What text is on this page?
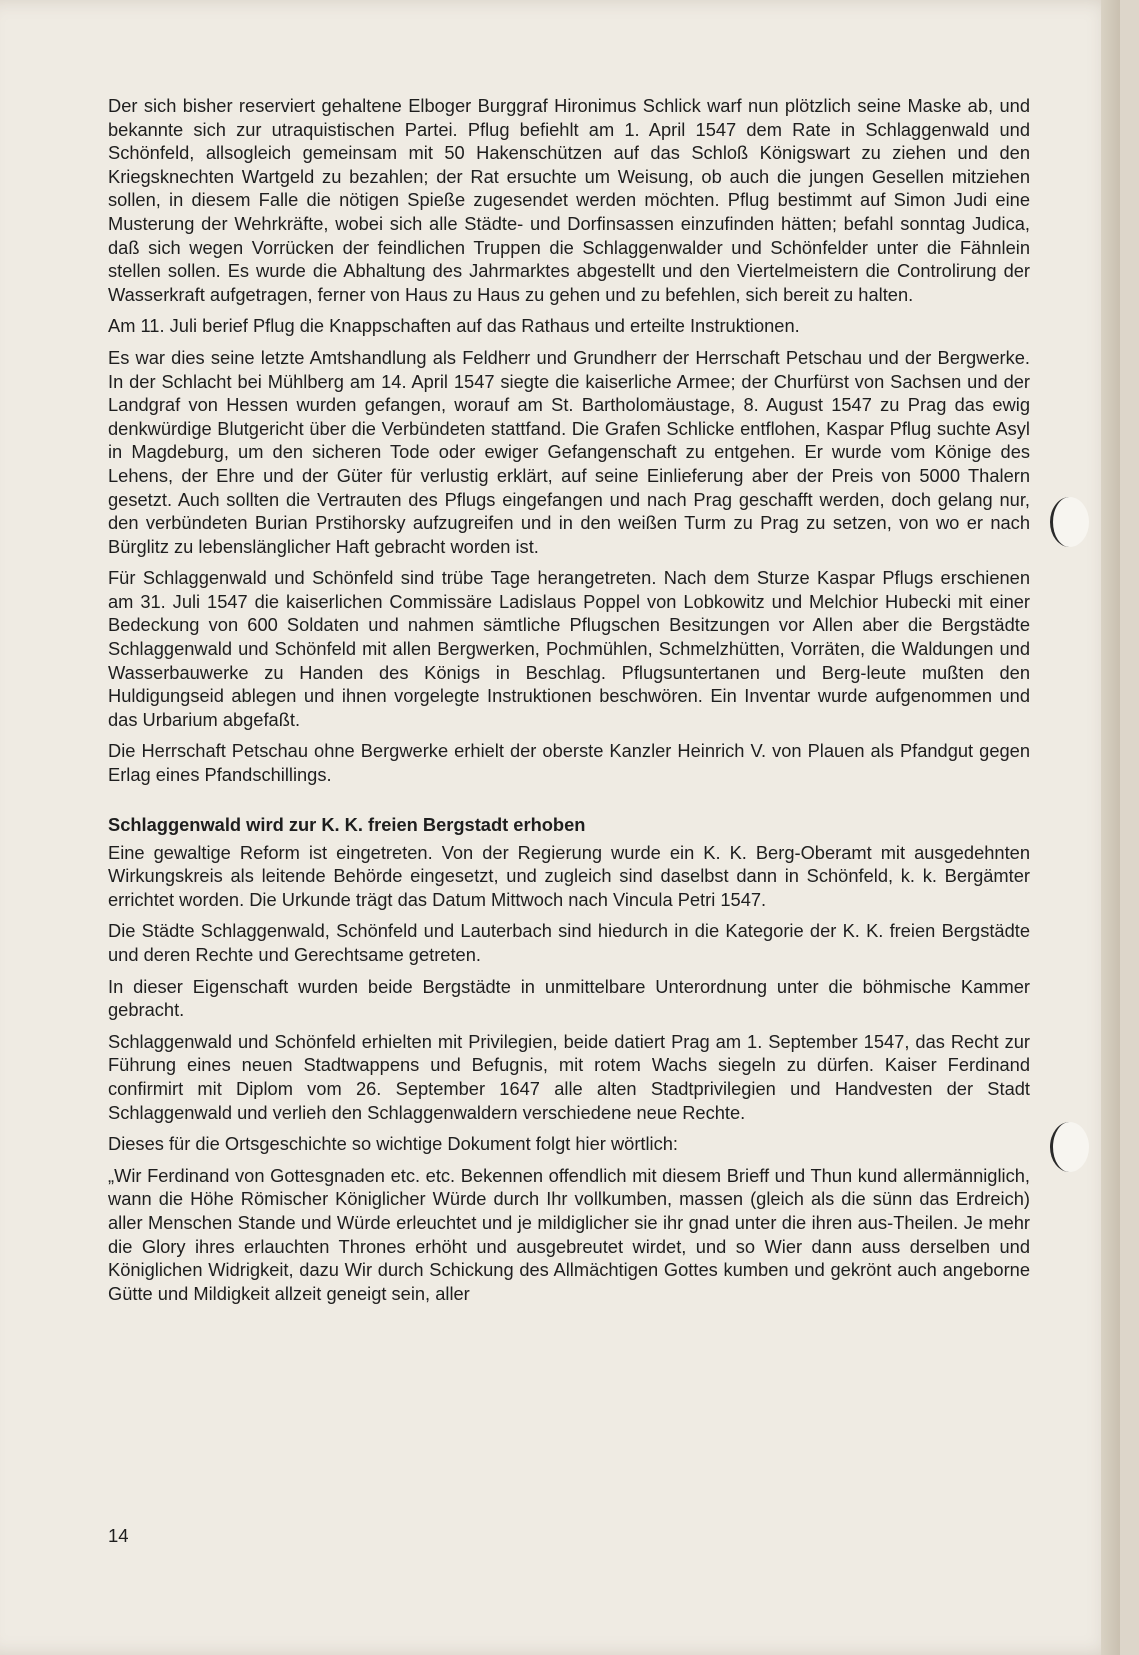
Der sich bisher reserviert gehaltene Elboger Burggraf Hironimus Schlick warf nun plötzlich seine Maske ab, und bekannte sich zur utraquistischen Partei. Pflug befiehlt am 1. April 1547 dem Rate in Schlaggenwald und Schönfeld, allsogleich gemeinsam mit 50 Hakenschützen auf das Schloß Königswart zu ziehen und den Kriegsknechten Wartgeld zu bezahlen; der Rat ersuchte um Weisung, ob auch die jungen Gesellen mitziehen sollen, in diesem Falle die nötigen Spieße zugesendet werden möchten. Pflug bestimmt auf Simon Judi eine Musterung der Wehrkräfte, wobei sich alle Städte- und Dorfinsassen einzufinden hätten; befahl sonntag Judica, daß sich wegen Vorrücken der feindlichen Truppen die Schlaggenwalder und Schönfelder unter die Fähnlein stellen sollen. Es wurde die Abhaltung des Jahrmarktes abgestellt und den Viertelmeistern die Controlirung der Wasserkraft aufgetragen, ferner von Haus zu Haus zu gehen und zu befehlen, sich bereit zu halten.

Am 11. Juli berief Pflug die Knappschaften auf das Rathaus und erteilte Instruktionen.

Es war dies seine letzte Amtshandlung als Feldherr und Grundherr der Herrschaft Petschau und der Bergwerke. In der Schlacht bei Mühlberg am 14. April 1547 siegte die kaiserliche Armee; der Churfürst von Sachsen und der Landgraf von Hessen wurden gefangen, worauf am St. Bartholomäustage, 8. August 1547 zu Prag das ewig denkwürdige Blutgericht über die Verbündeten stattfand. Die Grafen Schlicke entflohen, Kaspar Pflug suchte Asyl in Magdeburg, um den sicheren Tode oder ewiger Gefangenschaft zu entgehen. Er wurde vom Könige des Lehens, der Ehre und der Güter für verlustig erklärt, auf seine Einlieferung aber der Preis von 5000 Thalern gesetzt. Auch sollten die Vertrauten des Pflugs eingefangen und nach Prag geschafft werden, doch gelang nur, den verbündeten Burian Prstihorsky aufzugreifen und in den weißen Turm zu Prag zu setzen, von wo er nach Bürglitz zu lebenslänglicher Haft gebracht worden ist.

Für Schlaggenwald und Schönfeld sind trübe Tage herangetreten. Nach dem Sturze Kaspar Pflugs erschienen am 31. Juli 1547 die kaiserlichen Commissäre Ladislaus Poppel von Lobkowitz und Melchior Hubecki mit einer Bedeckung von 600 Soldaten und nahmen sämtliche Pflugschen Besitzungen vor Allen aber die Bergstädte Schlaggenwald und Schönfeld mit allen Bergwerken, Pochmühlen, Schmelzhütten, Vorräten, die Waldungen und Wasserbauwerke zu Handen des Königs in Beschlag. Pflugsuntertanen und Berg-leute mußten den Huldigungseid ablegen und ihnen vorgelegte Instruktionen beschwören. Ein Inventar wurde aufgenommen und das Urbarium abgefaßt.

Die Herrschaft Petschau ohne Bergwerke erhielt der oberste Kanzler Heinrich V. von Plauen als Pfandgut gegen Erlag eines Pfandschillings.

Schlaggenwald wird zur K. K. freien Bergstadt erhoben

Eine gewaltige Reform ist eingetreten. Von der Regierung wurde ein K. K. Berg-Oberamt mit ausgedehnten Wirkungskreis als leitende Behörde eingesetzt, und zugleich sind daselbst dann in Schönfeld, k. k. Bergämter errichtet worden. Die Urkunde trägt das Datum Mittwoch nach Vincula Petri 1547.

Die Städte Schlaggenwald, Schönfeld und Lauterbach sind hiedurch in die Kategorie der K. K. freien Bergstädte und deren Rechte und Gerechtsame getreten.

In dieser Eigenschaft wurden beide Bergstädte in unmittelbare Unterordnung unter die böhmische Kammer gebracht.

Schlaggenwald und Schönfeld erhielten mit Privilegien, beide datiert Prag am 1. September 1547, das Recht zur Führung eines neuen Stadtwappens und Befugnis, mit rotem Wachs siegeln zu dürfen. Kaiser Ferdinand confirmirt mit Diplom vom 26. September 1647 alle alten Stadtprivilegien und Handvesten der Stadt Schlaggenwald und verlieh den Schlaggenwaldern verschiedene neue Rechte.

Dieses für die Ortsgeschichte so wichtige Dokument folgt hier wörtlich:

„Wir Ferdinand von Gottesgnaden etc. etc. Bekennen offendlich mit diesem Brieff und Thun kund allermänniglich, wann die Höhe Römischer Königlicher Würde durch Ihr vollkumben, massen (gleich als die sünn das Erdreich) aller Menschen Stande und Würde erleuchtet und je mildiglicher sie ihr gnad unter die ihren aus-Theilen. Je mehr die Glory ihres erlauchten Thrones erhöht und ausgebreutet wirdet, und so Wier dann auss derselben und Königlichen Widrigkeit, dazu Wir durch Schickung des Allmächtigen Gottes kumben und gekrönt auch angeborne Gütte und Mildigkeit allzeit geneigt sein, aller

14
